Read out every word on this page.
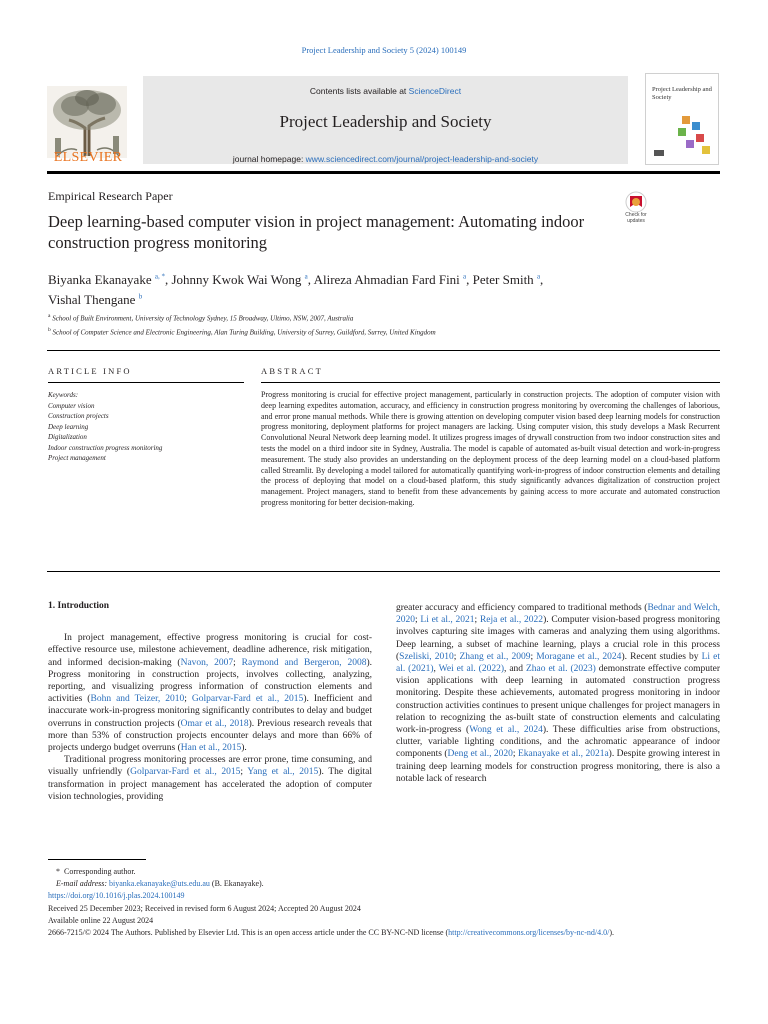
Project Leadership and Society 5 (2024) 100149
ELSEVIER
Contents lists available at ScienceDirect
Project Leadership and Society
journal homepage: www.sciencedirect.com/journal/project-leadership-and-society
Project Leadership and Society
Empirical Research Paper
Deep learning-based computer vision in project management: Automating indoor construction progress monitoring
Check for updates
Biyanka Ekanayake $^{a, *}$, Johnny Kwok Wai Wong $^a$, Alireza Ahmadian Fard Fini $^a$, Peter Smith $^a$,
Vishal Thengane $^b$
$^a$ School of Built Environment, University of Technology Sydney, 15 Broadway, Ultimo, NSW, 2007, Australia
$^b$ School of Computer Science and Electronic Engineering, Alan Turing Building, University of Surrey, Guildford, Surrey, United Kingdom
ARTICLE INFO	ABSTRACT
Keywords:
Computer vision
Construction projects
Deep learning
Digitalization
Indoor construction progress monitoring
Project management
Progress monitoring is crucial for effective project management, particularly in construction projects. The adoption of computer vision with deep learning expedites automation, accuracy, and efficiency in construction progress monitoring by overcoming the challenges of laborious, and error prone manual methods. While there is growing attention on developing computer vision based deep learning models for construction progress monitoring, deployment platforms for project managers are lacking. Using computer vision, this study develops a Mask Recurrent Convolutional Neural Network deep learning model. It utilizes progress images of drywall construction from two indoor construction sites and tests the model on a third indoor site in Sydney, Australia. The model is capable of automated as-built visual detection and work-in-progress measurement. The study also provides an understanding on the deployment process of the deep learning model on a cloud-based platform called Streamlit. By developing a model tailored for automatically quantifying work-in-progress of indoor construction elements and detailing the process of deploying that model on a cloud-based platform, this study significantly advances digitalization of construction project management. Project managers, stand to benefit from these advancements by gaining access to more accurate and automated construction progress monitoring for better decision-making.
1. Introduction

In project management, effective progress monitoring is crucial for cost-effective resource use, milestone achievement, deadline adherence, risk mitigation, and informed decision-making (Navon, 2007; Raymond and Bergeron, 2008). Progress monitoring in construction projects, involves collecting, analyzing, reporting, and visualizing progress information of construction elements and activities (Bohn and Teizer, 2010; Golparvar-Fard et al., 2015). Inefficient and inaccurate work-in-progress monitoring significantly contributes to delay and budget overruns in construction projects (Omar et al., 2018). Previous research reveals that more than 53% of construction projects encounter delays and more than 66% of projects undergo budget overruns (Han et al., 2015).

Traditional progress monitoring processes are error prone, time consuming, and visually unfriendly (Golparvar-Fard et al., 2015; Yang et al., 2015). The digital transformation in project management has accelerated the adoption of computer vision technologies, providing

greater accuracy and efficiency compared to traditional methods (Bednar and Welch, 2020; Li et al., 2021; Reja et al., 2022). Computer vision-based progress monitoring involves capturing site images with cameras and analyzing them using algorithms. Deep learning, a subset of machine learning, plays a crucial role in this process (Szeliski, 2010; Zhang et al., 2009; Moragane et al., 2024). Recent studies by Li et al. (2021), Wei et al. (2022), and Zhao et al. (2023) demonstrate effective computer vision applications with deep learning in automated construction progress monitoring. Despite these achievements, automated progress monitoring in indoor construction activities continues to present unique challenges for project managers in relation to recognizing the as-built state of construction elements and calculating work-in-progress (Wong et al., 2024). These difficulties arise from obstructions, clutter, variable lighting conditions, and the achromatic appearance of indoor components (Deng et al., 2020; Ekanayake et al., 2021a). Despite growing interest in training deep learning models for construction progress monitoring, there is also a notable lack of research

* Corresponding author.
E-mail address: biyanka.ekanayake@uts.edu.au (B. Ekanayake).
https://doi.org/10.1016/j.plas.2024.100149
Received 25 December 2023; Received in revised form 6 August 2024; Accepted 20 August 2024
Available online 22 August 2024
2666-7215/© 2024 The Authors. Published by Elsevier Ltd. This is an open access article under the CC BY-NC-ND license (http://creativecommons.org/licenses/by-nc-nd/4.0/).
